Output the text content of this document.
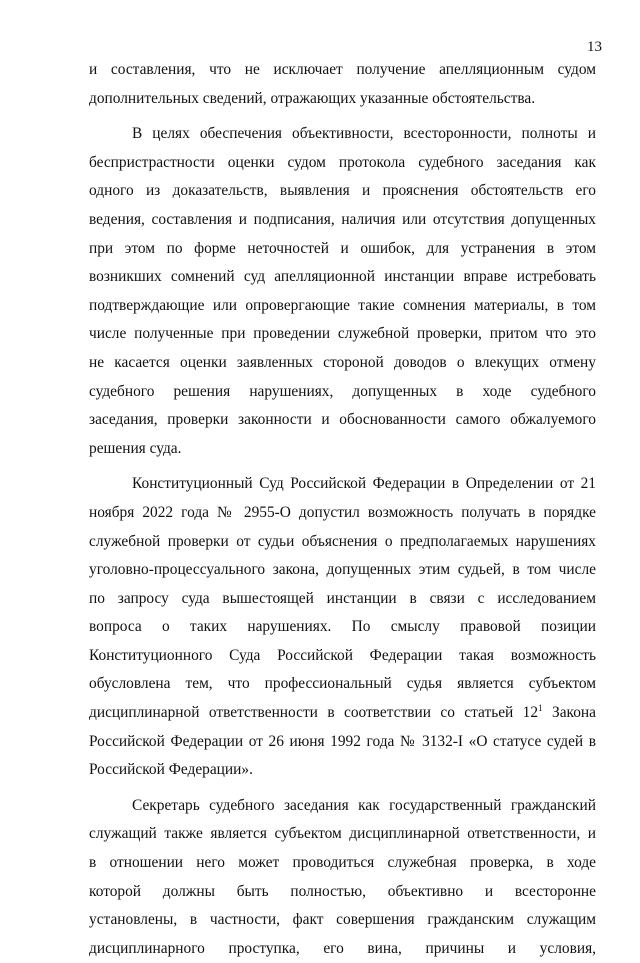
13
и составления, что не исключает получение апелляционным судом
дополнительных сведений, отражающих указанные обстоятельства.
В целях обеспечения объективности, всесторонности, полноты и
беспристрастности оценки судом протокола судебного заседания как
одного из доказательств, выявления и прояснения обстоятельств его
ведения, составления и подписания, наличия или отсутствия допущенных
при этом по форме неточностей и ошибок, для устранения в этом
возникших сомнений суд апелляционной инстанции вправе истребовать
подтверждающие или опровергающие такие сомнения материалы, в том
числе полученные при проведении служебной проверки, притом что это
не касается оценки заявленных стороной доводов о влекущих отмену
судебного решения нарушениях, допущенных в ходе судебного
заседания, проверки законности и обоснованности самого обжалуемого
решения суда.
Конституционный Суд Российской Федерации в Определении от 21
ноября 2022 года № 2955-О допустил возможность получать в порядке
служебной проверки от судьи объяснения о предполагаемых нарушениях
уголовно-процессуального закона, допущенных этим судьей, в том числе
по запросу суда вышестоящей инстанции в связи с исследованием
вопроса о таких нарушениях. По смыслу правовой позиции
Конституционного Суда Российской Федерации такая возможность
обусловлена тем, что профессиональный судья является субъектом
дисциплинарной ответственности в соответствии со статьей $12^1$ Закона
Российской Федерации от 26 июня 1992 года № 3132-I «О статусе судей в
Российской Федерации».
Секретарь судебного заседания как государственный гражданский
служащий также является субъектом дисциплинарной ответственности, и
в отношении него может проводиться служебная проверка, в ходе
которой должны быть полностью, объективно и всесторонне
установлены, в частности, факт совершения гражданским служащим
дисциплинарного проступка, его вина, причины и условия,
